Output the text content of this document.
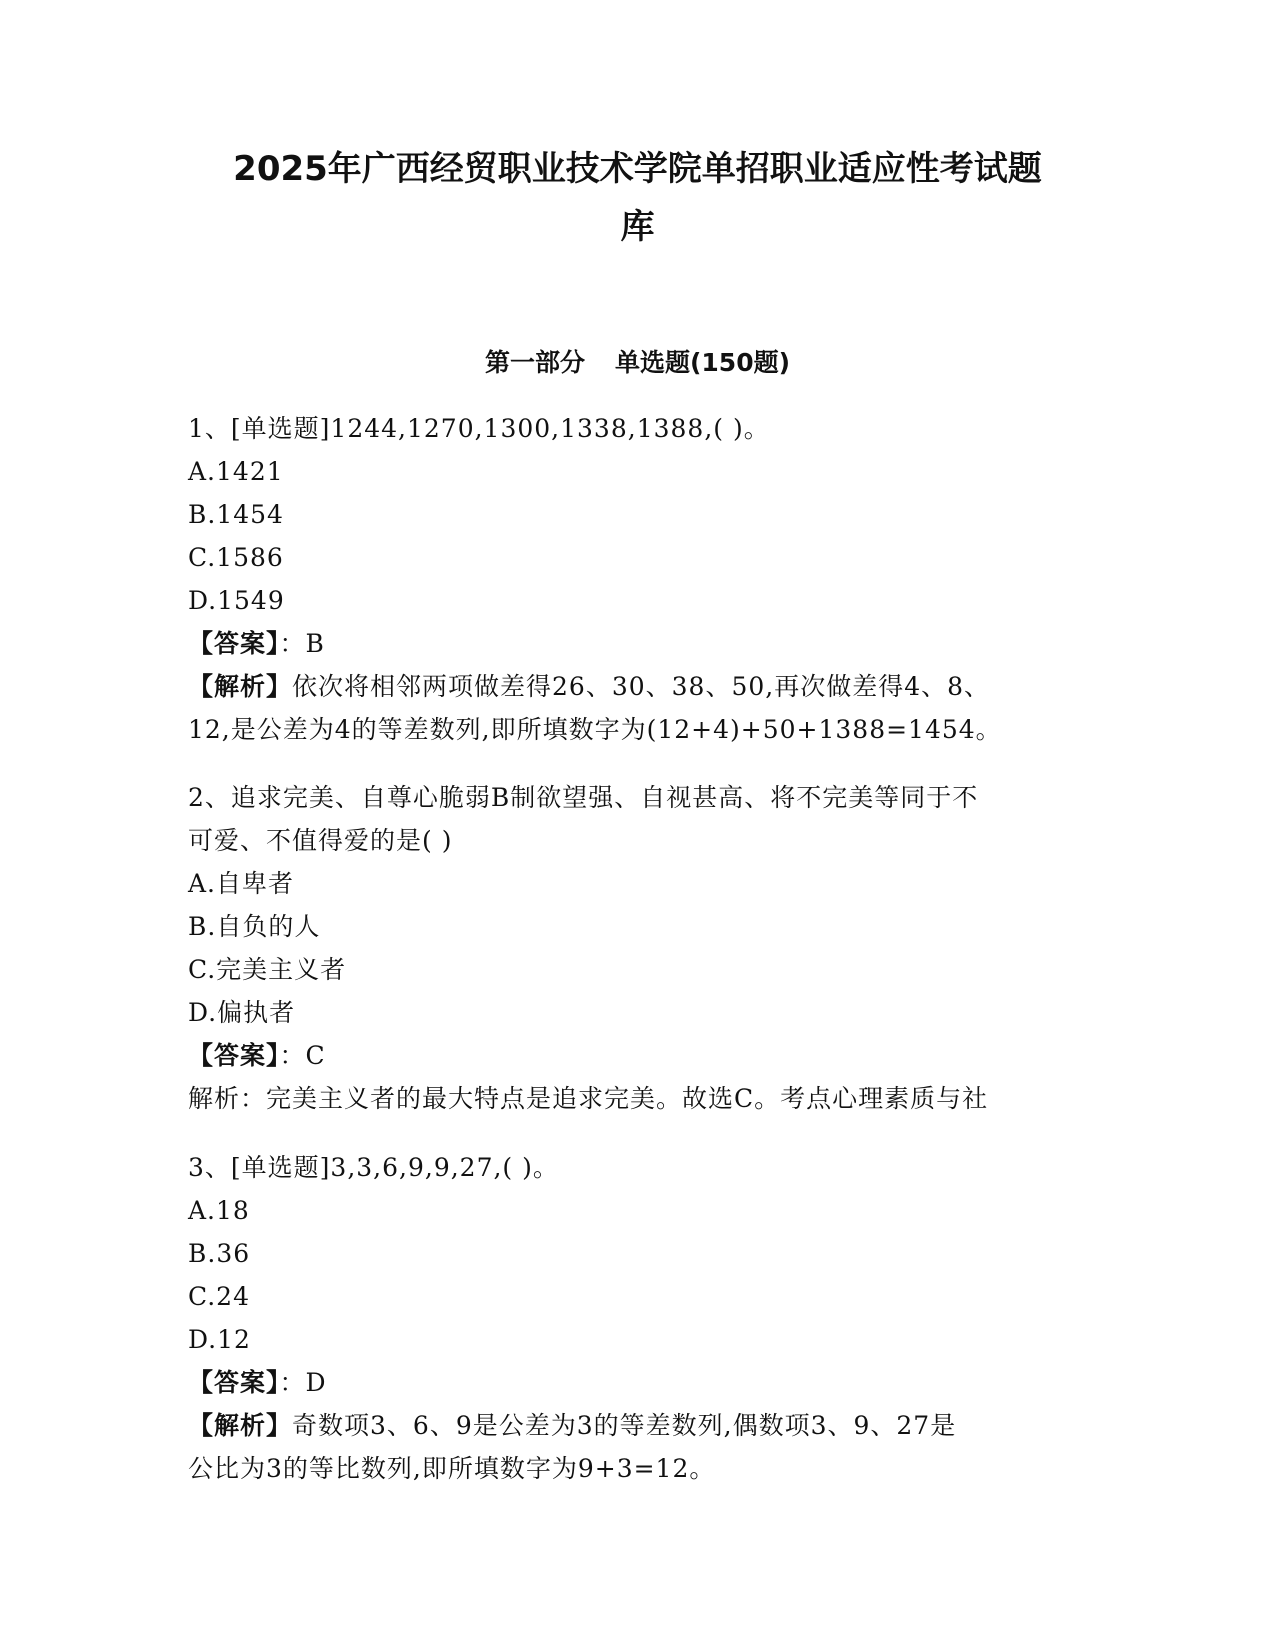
2025年广西经贸职业技术学院单招职业适应性考试题
库
第一部分 单选题(150题)
1、[单选题]1244,1270,1300,1338,1388,( )。
A.1421
B.1454
C.1586
D.1549
【答案】：B
【解析】依次将相邻两项做差得26、30、38、50,再次做差得4、8、
12,是公差为4的等差数列,即所填数字为(12+4)+50+1388=1454。
2、追求完美、自尊心脆弱B制欲望强、自视甚高、将不完美等同于不
可爱、不值得爱的是( )
A.自卑者
B.自负的人
C.完美主义者
D.偏执者
【答案】：C
解析：完美主义者的最大特点是追求完美。故选C。考点心理素质与社
3、[单选题]3,3,6,9,9,27,( )。
A.18
B.36
C.24
D.12
【答案】：D
【解析】奇数项3、6、9是公差为3的等差数列,偶数项3、9、27是
公比为3的等比数列,即所填数字为9+3=12。
